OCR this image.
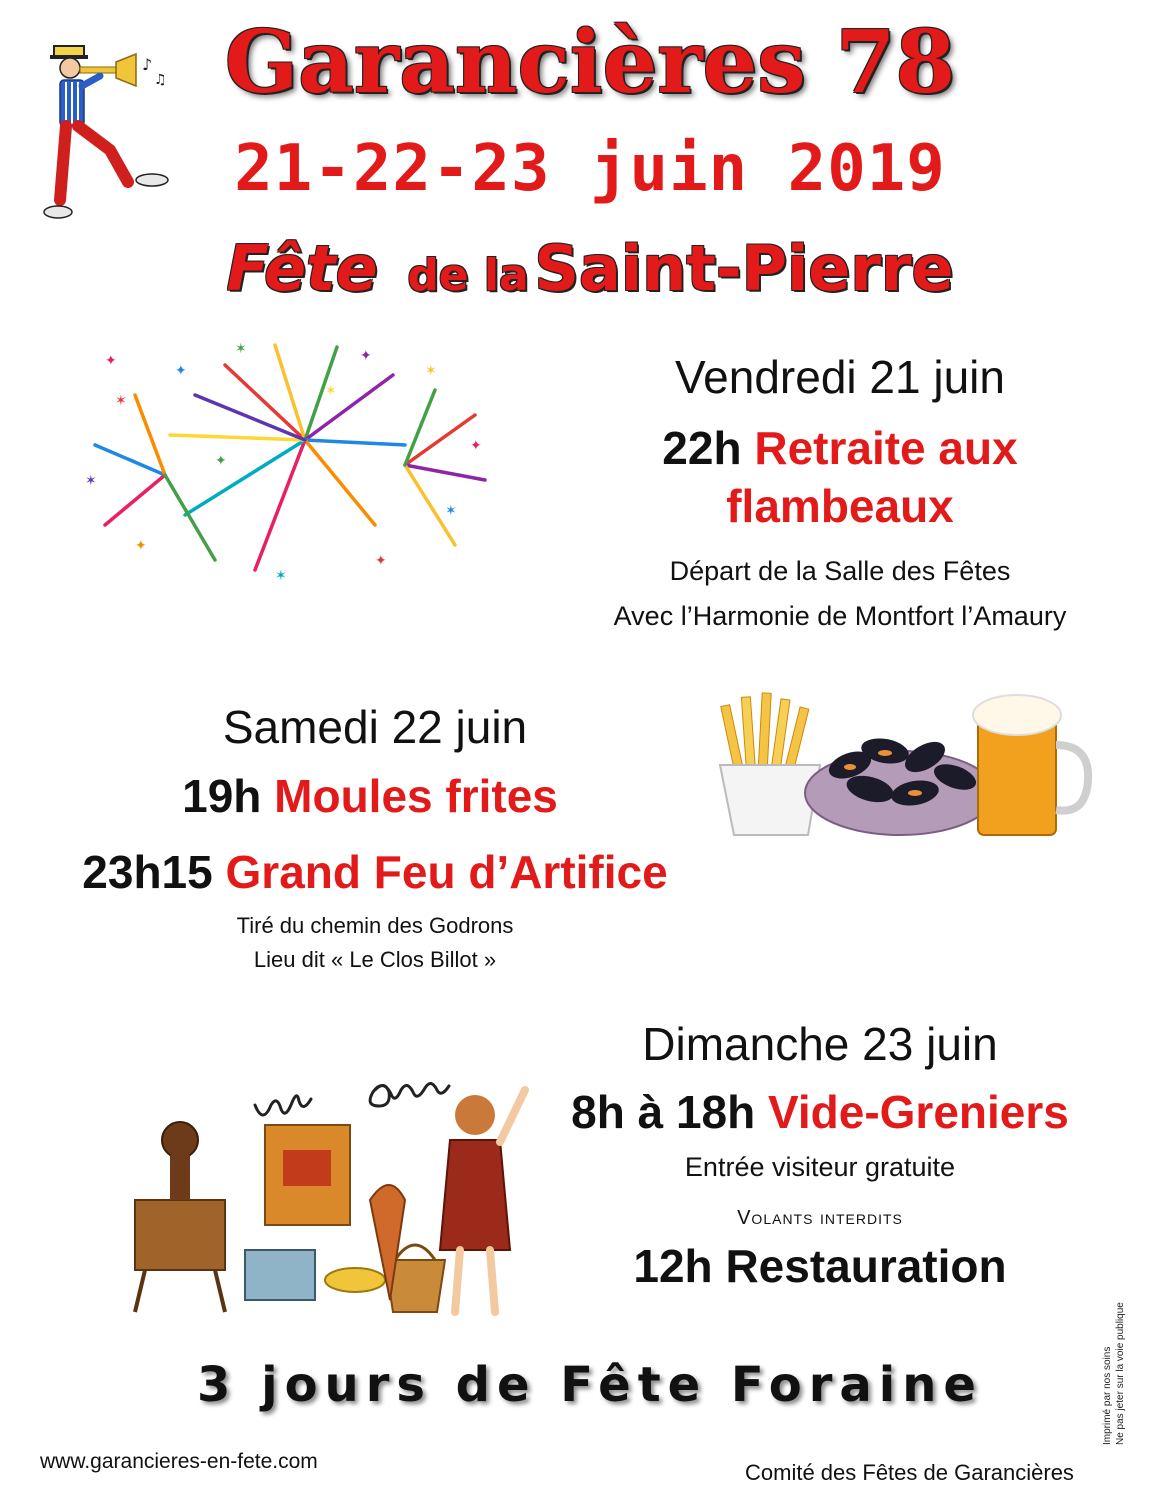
♪
♫ Garancières 78
21-22-23 juin 2019
Fête de la Saint-Pierre
✶
✦
✶	✦
✶
✦
✶
✦
✶
✦
✶
✦
✶
✦	Vendredi 21 juin
22h Retraite aux
flambeaux
Départ de la Salle des Fêtes
Avec l’Harmonie de Montfort l’Amaury
Samedi 22 juin
19h Moules frites
23h15 Grand Feu d’Artifice
Tiré du chemin des Godrons
Lieu dit « Le Clos Billot »
Dimanche 23 juin
8h à 18h Vide-Greniers
Entrée visiteur gratuite
Volants interdits
12h Restauration
3 jours de Fête Foraine	Imprimé par nos soins Ne pas jeter sur la voie publique
www.garancieres-en-fete.com	Comité des Fêtes de Garancières
